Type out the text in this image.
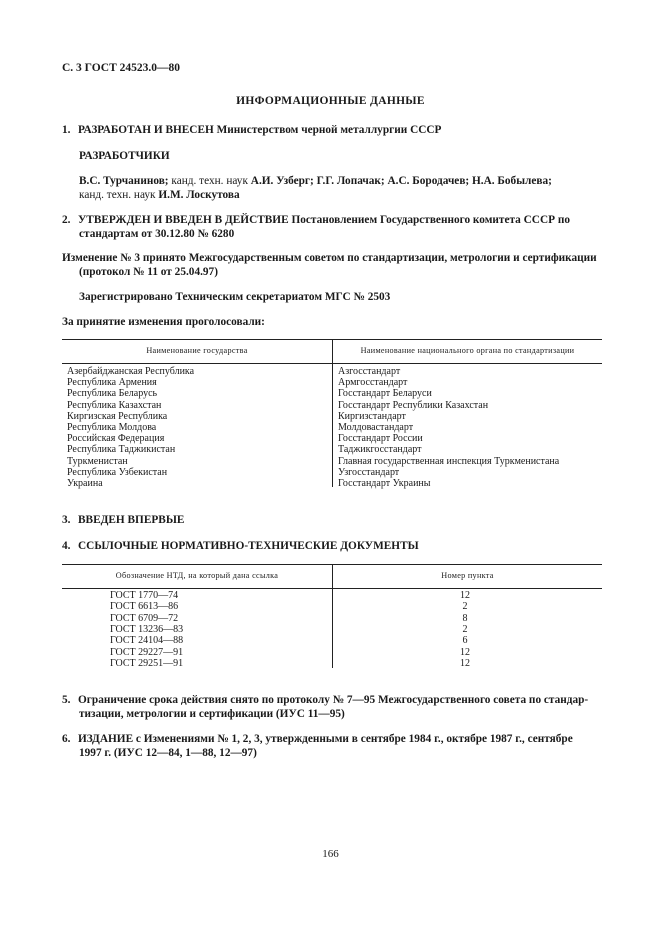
С. 3 ГОСТ 24523.0—80
ИНФОРМАЦИОННЫЕ ДАННЫЕ
1. РАЗРАБОТАН И ВНЕСЕН Министерством черной металлургии СССР
РАЗРАБОТЧИКИ
В.С. Турчанинов; канд. техн. наук А.И. Узберг; Г.Г. Лопачак; А.С. Бородачев; Н.А. Бобылева;
канд. техн. наук И.М. Лоскутова
2. УТВЕРЖДЕН И ВВЕДЕН В ДЕЙСТВИЕ Постановлением Государственного комитета СССР по
стандартам от 30.12.80 № 6280
Изменение № 3 принято Межгосударственным советом по стандартизации, метрологии и сертификации
(протокол № 11 от 25.04.97)
Зарегистрировано Техническим секретариатом МГС № 2503
За принятие изменения проголосовали:
Наименование государства	Наименование национального органа по стандартизации
Азербайджанская Республика	Азгосстандарт
Республика Армения	Армгосстандарт
Республика Беларусь	Госстандарт Беларуси
Республика Казахстан	Госстандарт Республики Казахстан
Киргизская Республика	Киргизстандарт
Республика Молдова	Молдовастандарт
Российская Федерация	Госстандарт России
Республика Таджикистан	Таджикгосстандарт
Туркменистан	Главная государственная инспекция Туркменистана
Республика Узбекистан	Узгосстандарт
Украина	Госстандарт Украины
3. ВВЕДЕН ВПЕРВЫЕ
4. ССЫЛОЧНЫЕ НОРМАТИВНО-ТЕХНИЧЕСКИЕ ДОКУМЕНТЫ
Обозначение НТД, на который дана ссылка	Номер пункта
ГОСТ 1770—74	12
ГОСТ 6613—86	2
ГОСТ 6709—72	8
ГОСТ 13236—83	2
ГОСТ 24104—88	6
ГОСТ 29227—91	12
ГОСТ 29251—91	12
5. Ограничение срока действия снято по протоколу № 7—95 Межгосударственного совета по стандар-
тизации, метрологии и сертификации (ИУС 11—95)
6. ИЗДАНИЕ с Изменениями № 1, 2, 3, утвержденными в сентябре 1984 г., октябре 1987 г., сентябре
1997 г. (ИУС 12—84, 1—88, 12—97)
166
